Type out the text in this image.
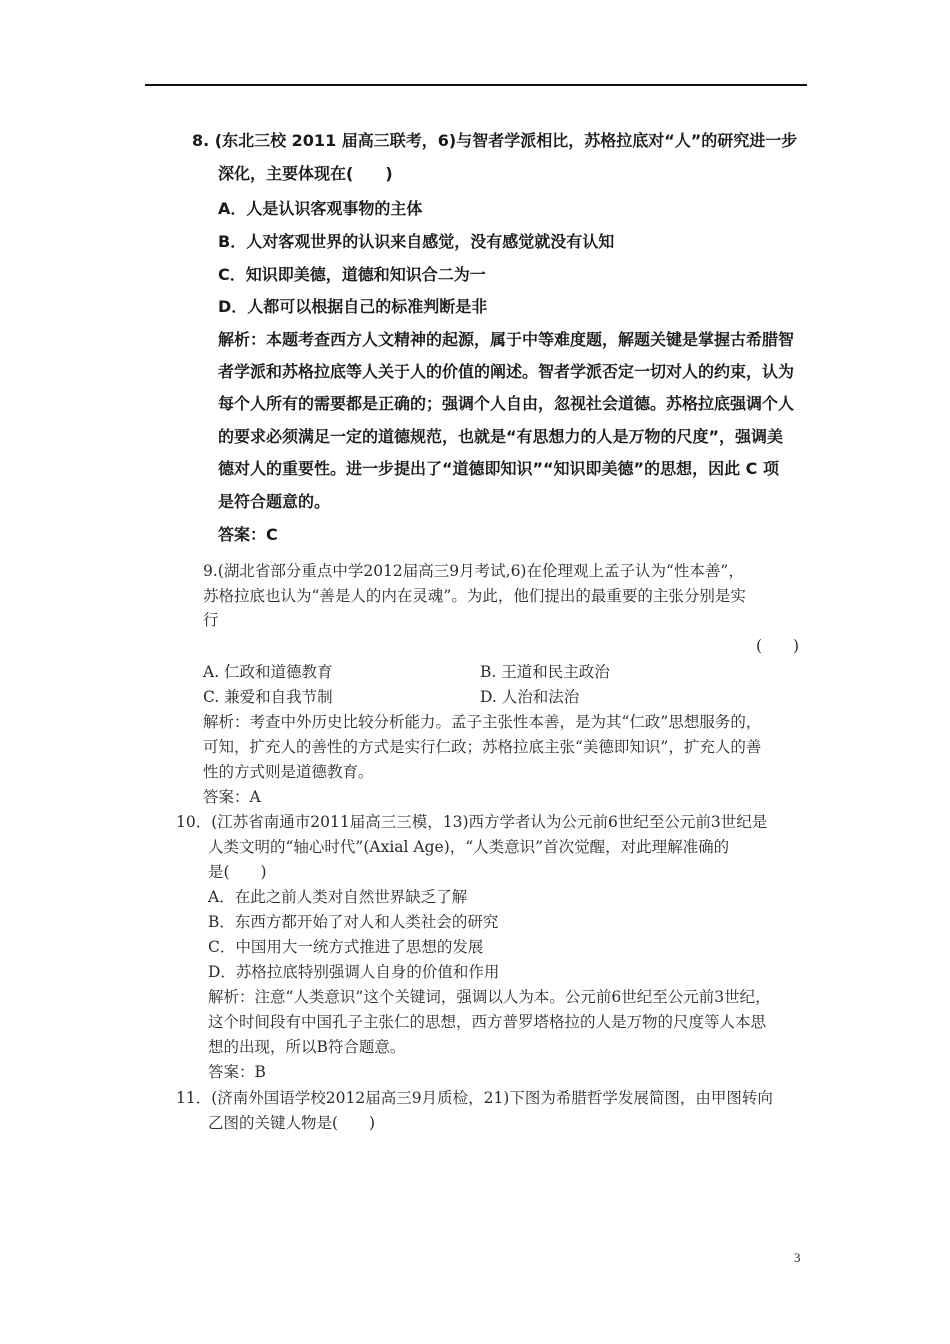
8. (东北三校 2011 届高三联考，6)与智者学派相比，苏格拉底对“人”的研究进一步
深化，主要体现在(　　)
A．人是认识客观事物的主体
B．人对客观世界的认识来自感觉，没有感觉就没有认知
C．知识即美德，道德和知识合二为一
D．人都可以根据自己的标准判断是非
解析：本题考查西方人文精神的起源，属于中等难度题，解题关键是掌握古希腊智
者学派和苏格拉底等人关于人的价值的阐述。智者学派否定一切对人的约束，认为
每个人所有的需要都是正确的；强调个人自由，忽视社会道德。苏格拉底强调个人
的要求必须满足一定的道德规范，也就是“有思想力的人是万物的尺度”，强调美
德对人的重要性。进一步提出了“道德即知识”“知识即美德”的思想，因此 C 项
是符合题意的。
答案：C
9.(湖北省部分重点中学2012届高三9月考试,6)在伦理观上孟子认为“性本善”，
苏格拉底也认为“善是人的内在灵魂”。为此，他们提出的最重要的主张分别是实
行
(　　)
A. 仁政和道德教育	B. 王道和民主政治
C. 兼爱和自我节制	D. 人治和法治
解析：考查中外历史比较分析能力。孟子主张性本善，是为其“仁政”思想服务的，
可知，扩充人的善性的方式是实行仁政；苏格拉底主张“美德即知识”，扩充人的善
性的方式则是道德教育。
答案：A
10．(江苏省南通市2011届高三三模，13)西方学者认为公元前6世纪至公元前3世纪是
人类文明的“轴心时代”(Axial Age)，“人类意识”首次觉醒，对此理解准确的
是(　　)
A．在此之前人类对自然世界缺乏了解
B．东西方都开始了对人和人类社会的研究
C．中国用大一统方式推进了思想的发展
D．苏格拉底特别强调人自身的价值和作用
解析：注意“人类意识”这个关键词，强调以人为本。公元前6世纪至公元前3世纪，
这个时间段有中国孔子主张仁的思想，西方普罗塔格拉的人是万物的尺度等人本思
想的出现，所以B符合题意。
答案：B
11．(济南外国语学校2012届高三9月质检，21)下图为希腊哲学发展简图，由甲图转向
乙图的关键人物是(　　)
3
